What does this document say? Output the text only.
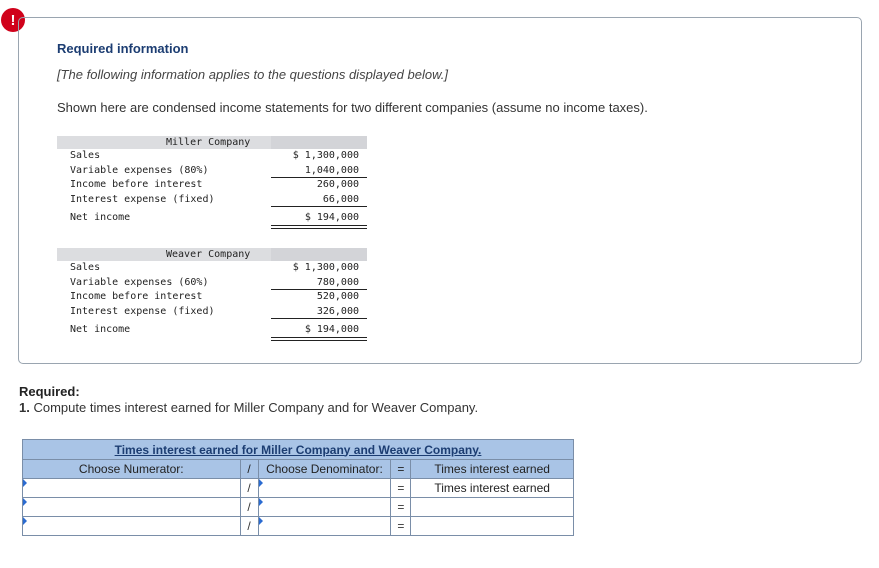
!
Required information
[The following information applies to the questions displayed below.]
Shown here are condensed income statements for two different companies (assume no income taxes).
Miller Company
Sales	$ 1,300,000
Variable expenses (80%)	1,040,000
Income before interest	260,000
Interest expense (fixed)	66,000
Net income	$ 194,000
Weaver Company
Sales	$ 1,300,000
Variable expenses (60%)	780,000
Income before interest	520,000
Interest expense (fixed)	326,000
Net income	$ 194,000
Required:
1. Compute times interest earned for Miller Company and for Weaver Company.
Times interest earned for Miller Company and Weaver Company.				
Choose Numerator:	/	Choose Denominator:	=	Times interest earned

	/		=	Times interest earned

	/		=	

	/		=	
